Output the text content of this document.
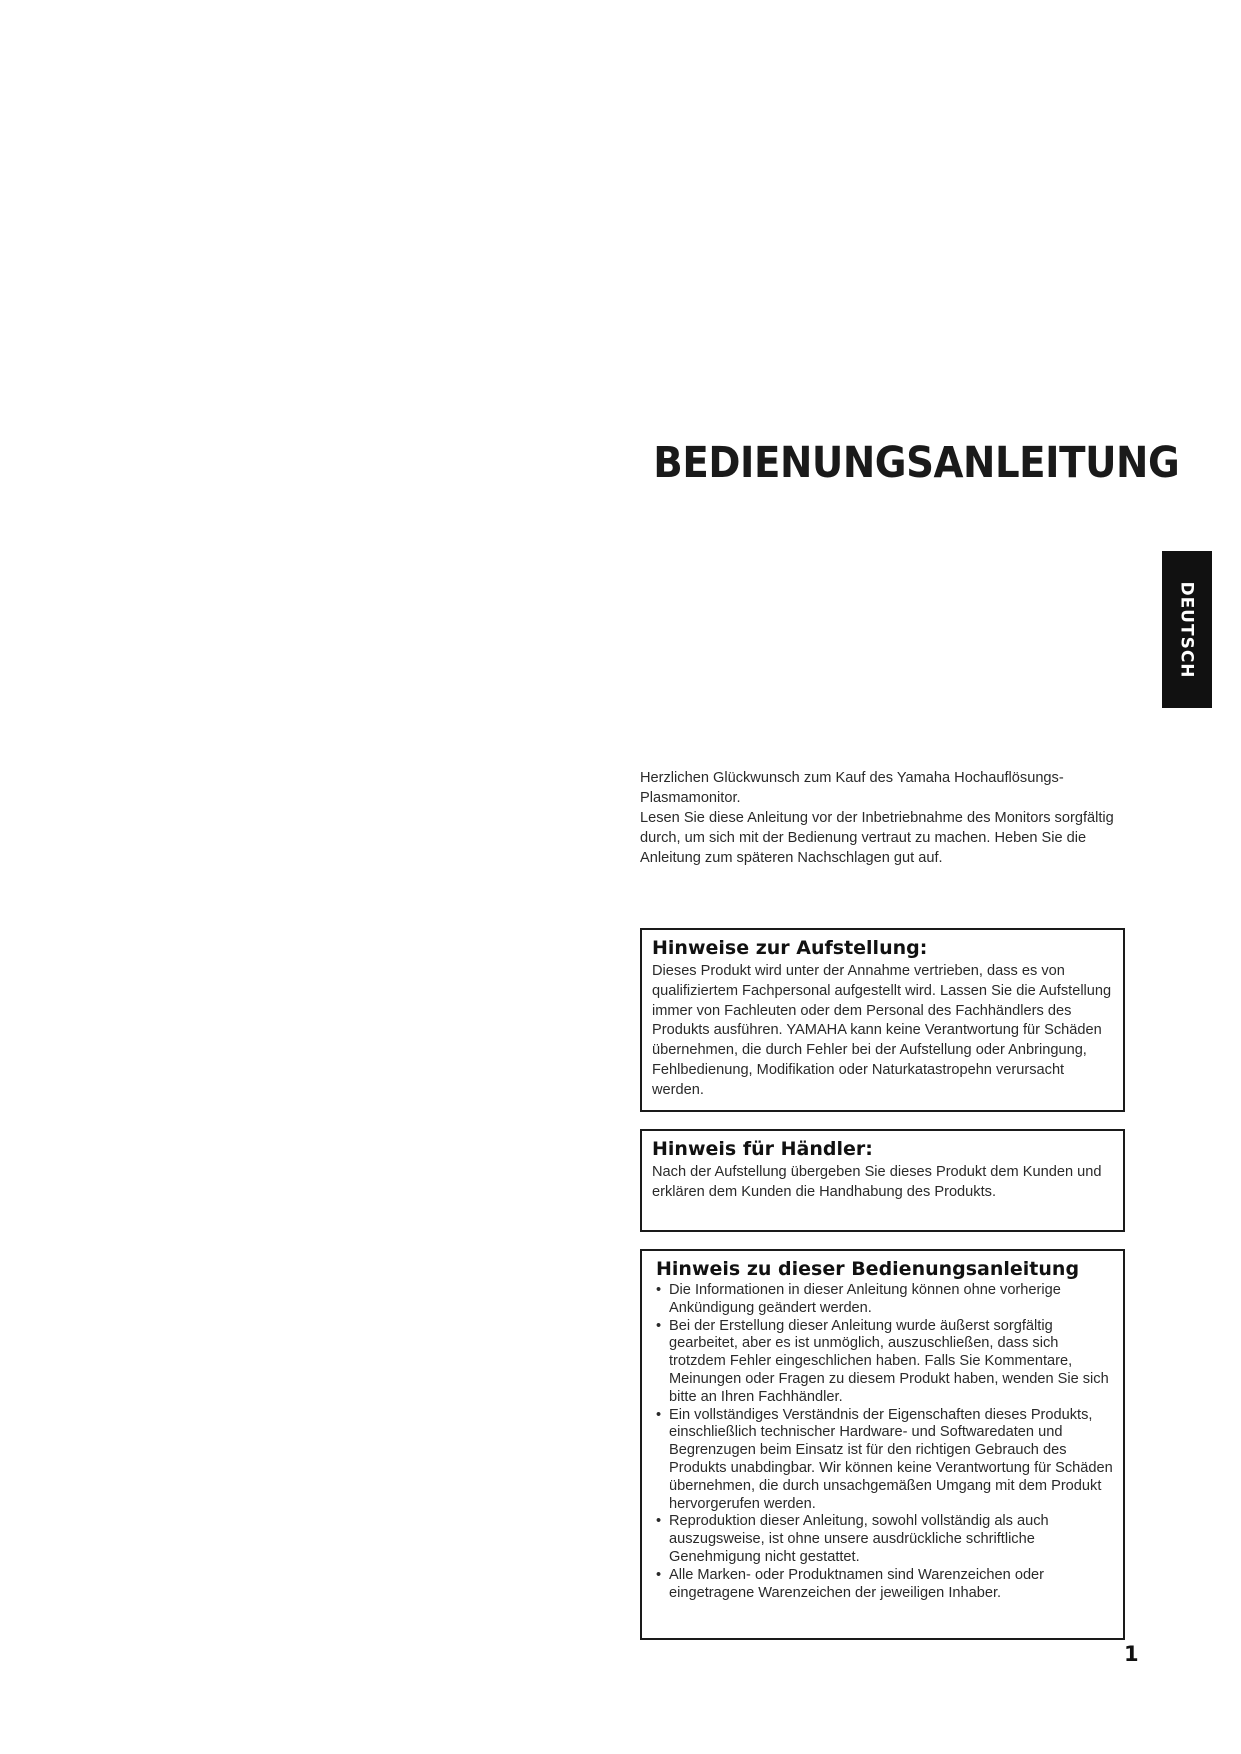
BEDIENUNGSANLEITUNG
DEUTSCH

Herzlichen Glückwunsch zum Kauf des Yamaha Hochauflösungs-Plasmamonitor.

Lesen Sie diese Anleitung vor der Inbetriebnahme des Monitors sorgfältig durch, um sich mit der Bedienung vertraut zu machen. Heben Sie die Anleitung zum späteren Nachschlagen gut auf.

Hinweise zur Aufstellung:

Dieses Produkt wird unter der Annahme vertrieben, dass es von qualifiziertem Fachpersonal aufgestellt wird. Lassen Sie die Aufstellung immer von Fachleuten oder dem Personal des Fachhändlers des Produkts ausführen. YAMAHA kann keine Verantwortung für Schäden übernehmen, die durch Fehler bei der Aufstellung oder Anbringung, Fehlbedienung, Modifikation oder Naturkatastropehn verursacht werden.

Hinweis für Händler:

Nach der Aufstellung übergeben Sie dieses Produkt dem Kunden und erklären dem Kunden die Handhabung des Produkts.

Hinweis zu dieser Bedienungsanleitung
• Die Informationen in dieser Anleitung können ohne vorherige Ankündigung geändert werden.
• Bei der Erstellung dieser Anleitung wurde äußerst sorgfältig gearbeitet, aber es ist unmöglich, auszuschließen, dass sich trotzdem Fehler eingeschlichen haben. Falls Sie Kommentare, Meinungen oder Fragen zu diesem Produkt haben, wenden Sie sich bitte an Ihren Fachhändler.
• Ein vollständiges Verständnis der Eigenschaften dieses Produkts, einschließlich technischer Hardware- und Softwaredaten und Begrenzugen beim Einsatz ist für den richtigen Gebrauch des Produkts unabdingbar. Wir können keine Verantwortung für Schäden übernehmen, die durch unsachgemäßen Umgang mit dem Produkt hervorgerufen werden.
• Reproduktion dieser Anleitung, sowohl vollständig als auch auszugsweise, ist ohne unsere ausdrückliche schriftliche Genehmigung nicht gestattet.
• Alle Marken- oder Produktnamen sind Warenzeichen oder eingetragene Warenzeichen der jeweiligen Inhaber.
1
